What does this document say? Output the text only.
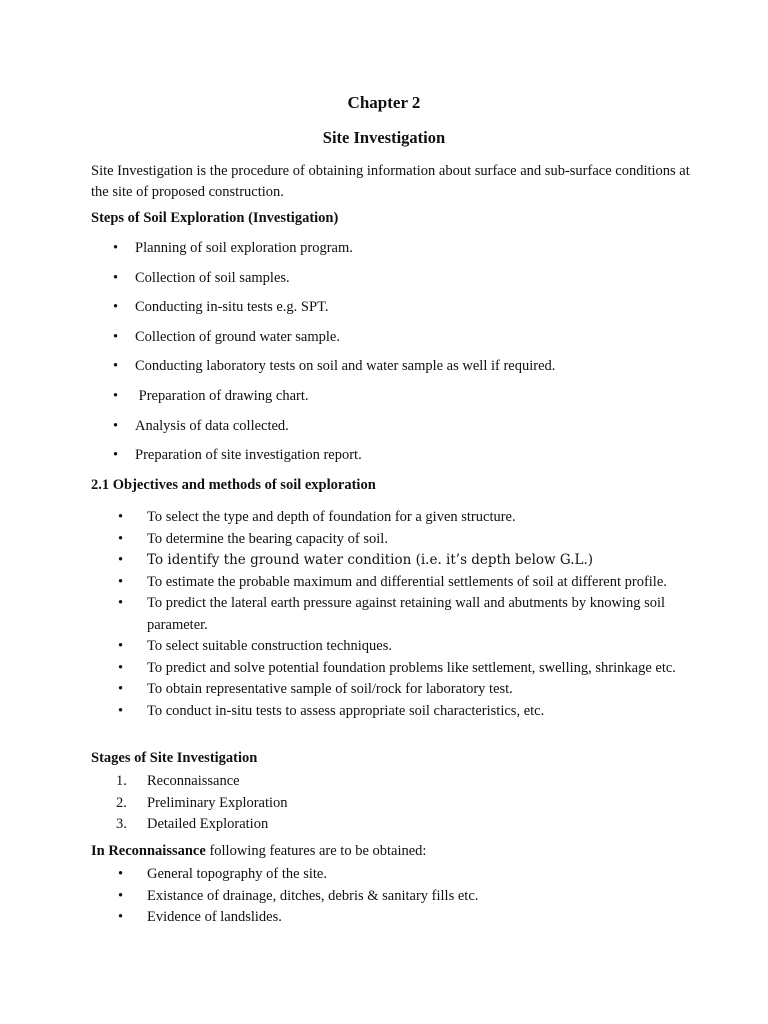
Chapter 2
Site Investigation
Site Investigation is the procedure of obtaining information about surface and sub-surface conditions at the site of proposed construction.
Steps of Soil Exploration (Investigation)
• Planning of soil exploration program.
• Collection of soil samples.
• Conducting in-situ tests e.g. SPT.
• Collection of ground water sample.
• Conducting laboratory tests on soil and water sample as well if required.
• Preparation of drawing chart.
• Analysis of data collected.
• Preparation of site investigation report.
2.1 Objectives and methods of soil exploration
• To select the type and depth of foundation for a given structure.
• To determine the bearing capacity of soil.
• To identify the ground water condition (i.e. it’s depth below G.L.)
• To estimate the probable maximum and differential settlements of soil at different profile.
• To predict the lateral earth pressure against retaining wall and abutments by knowing soil parameter.
• To select suitable construction techniques.
• To predict and solve potential foundation problems like settlement, swelling, shrinkage etc.
• To obtain representative sample of soil/rock for laboratory test.
• To conduct in-situ tests to assess appropriate soil characteristics, etc.
Stages of Site Investigation
1. Reconnaissance
2. Preliminary Exploration
3. Detailed Exploration
In Reconnaissance following features are to be obtained:
• General topography of the site.
• Existance of drainage, ditches, debris & sanitary fills etc.
• Evidence of landslides.
